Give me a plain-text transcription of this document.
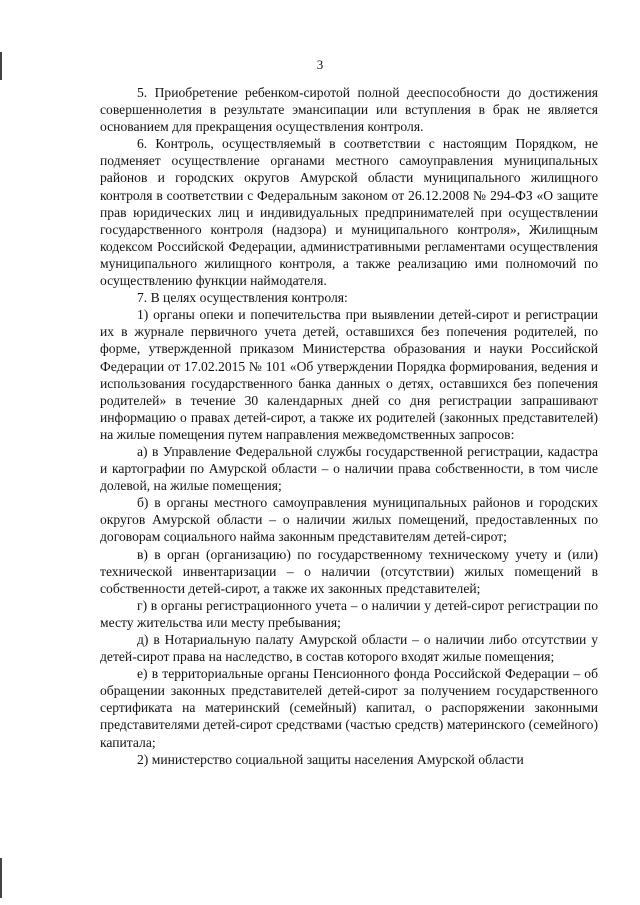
3

5. Приобретение ребенком-сиротой полной дееспособности до достижения совершеннолетия в результате эмансипации или вступления в брак не является основанием для прекращения осуществления контроля.

6. Контроль, осуществляемый в соответствии с настоящим Порядком, не подменяет осуществление органами местного самоуправления муниципальных районов и городских округов Амурской области муниципального жилищного контроля в соответствии с Федеральным законом от 26.12.2008 № 294-ФЗ «О защите прав юридических лиц и индивидуальных предпринимателей при осуществлении государственного контроля (надзора) и муниципального контроля», Жилищным кодексом Российской Федерации, административными регламентами осуществления муниципального жилищного контроля, а также реализацию ими полномочий по осуществлению функции наймодателя.

7. В целях осуществления контроля:

1) органы опеки и попечительства при выявлении детей-сирот и регистрации их в журнале первичного учета детей, оставшихся без попечения родителей, по форме, утвержденной приказом Министерства образования и науки Российской Федерации от 17.02.2015 № 101 «Об утверждении Порядка формирования, ведения и использования государственного банка данных о детях, оставшихся без попечения родителей» в течение 30 календарных дней со дня регистрации запрашивают информацию о правах детей-сирот, а также их родителей (законных представителей) на жилые помещения путем направления межведомственных запросов:

а) в Управление Федеральной службы государственной регистрации, кадастра и картографии по Амурской области – о наличии права собственности, в том числе долевой, на жилые помещения;

б) в органы местного самоуправления муниципальных районов и городских округов Амурской области – о наличии жилых помещений, предоставленных по договорам социального найма законным представителям детей-сирот;

в) в орган (организацию) по государственному техническому учету и (или) технической инвентаризации – о наличии (отсутствии) жилых помещений в собственности детей-сирот, а также их законных представителей;

г) в органы регистрационного учета – о наличии у детей-сирот регистрации по месту жительства или месту пребывания;

д) в Нотариальную палату Амурской области – о наличии либо отсутствии у детей-сирот права на наследство, в состав которого входят жилые помещения;

е) в территориальные органы Пенсионного фонда Российской Федерации – об обращении законных представителей детей-сирот за получением государственного сертификата на материнский (семейный) капитал, о распоряжении законными представителями детей-сирот средствами (частью средств) материнского (семейного) капитала;

2) министерство социальной защиты населения Амурской области
